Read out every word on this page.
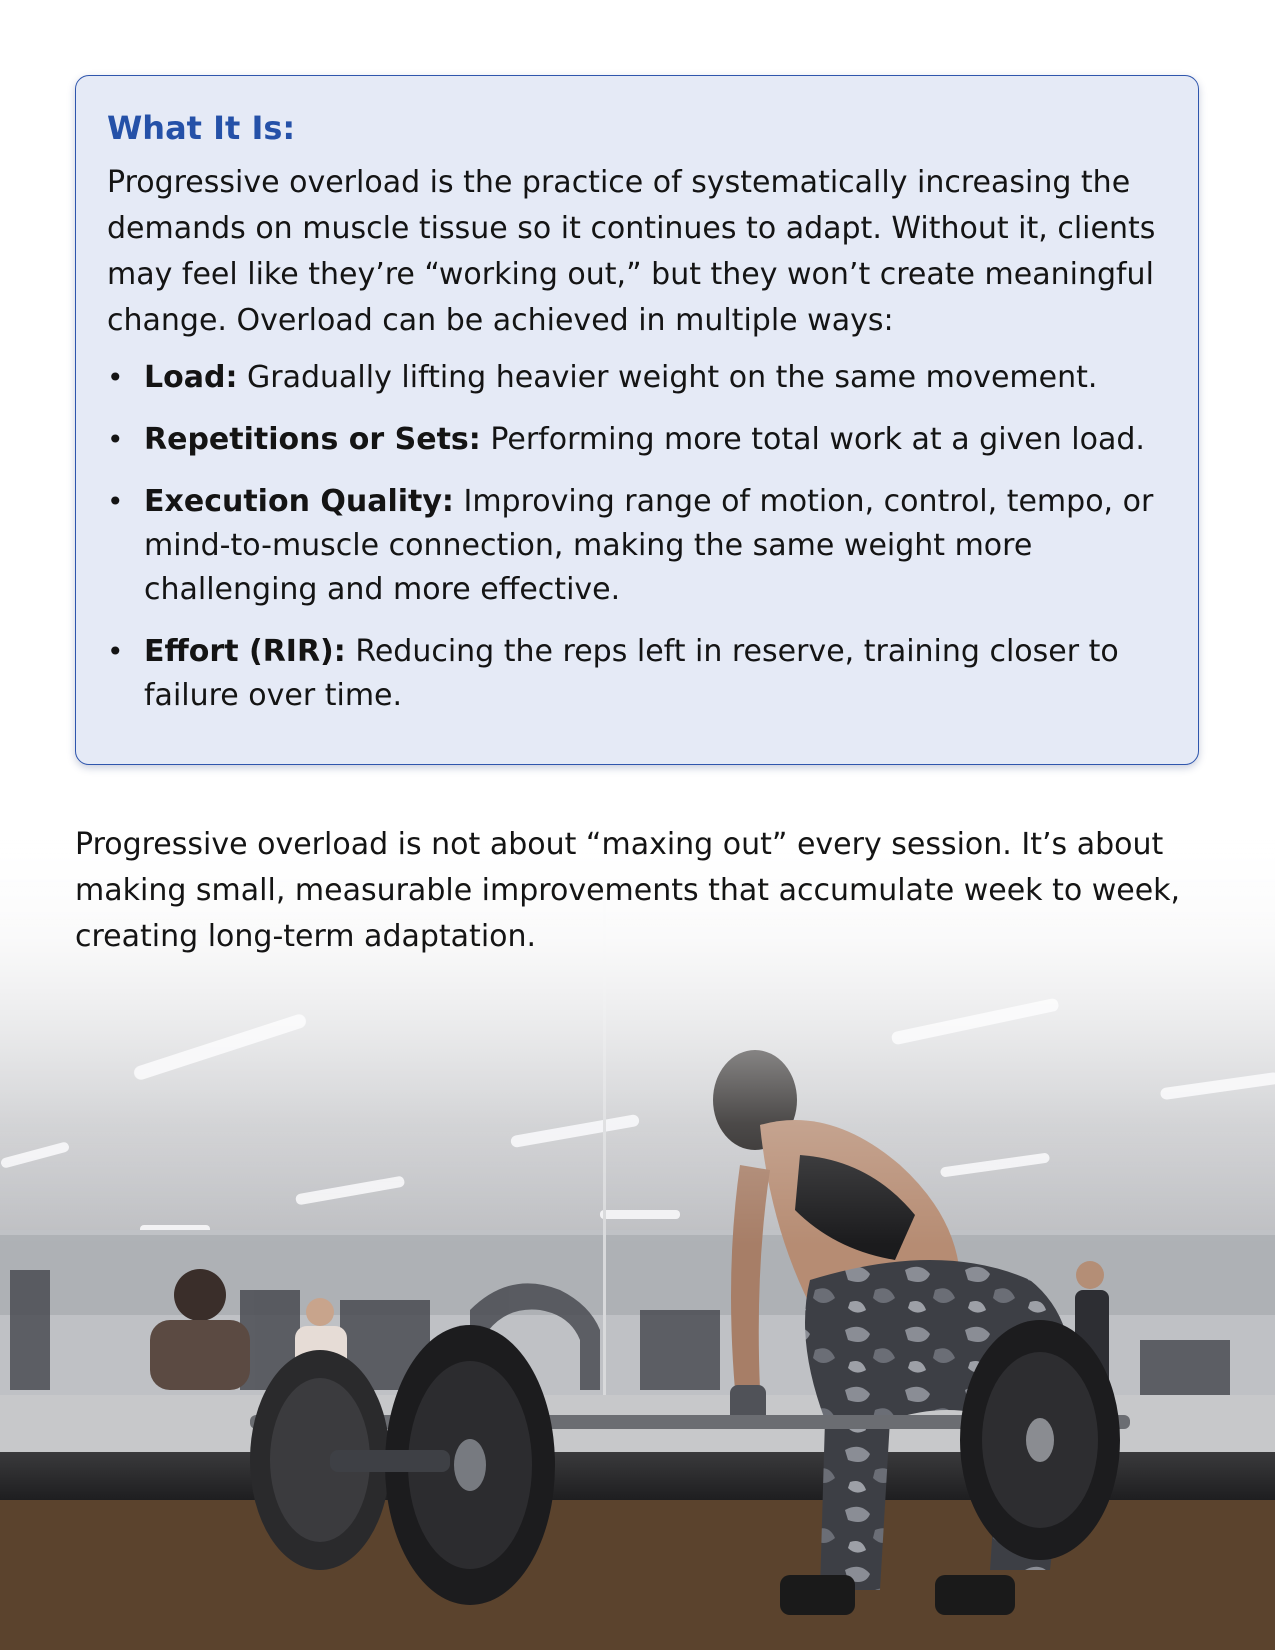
What It Is:

Progressive overload is the practice of systematically increasing the demands on muscle tissue so it continues to adapt. Without it, clients may feel like they’re “working out,” but they won’t create meaningful change. Overload can be achieved in multiple ways:

• Load: Gradually lifting heavier weight on the same movement.
• Repetitions or Sets: Performing more total work at a given load.
• Execution Quality: Improving range of motion, control, tempo, or mind-to-muscle connection, making the same weight more challenging and more effective.
• Effort (RIR): Reducing the reps left in reserve, training closer to failure over time.

Progressive overload is not about “maxing out” every session. It’s about making small, measurable improvements that accumulate week to week, creating long-term adaptation.
